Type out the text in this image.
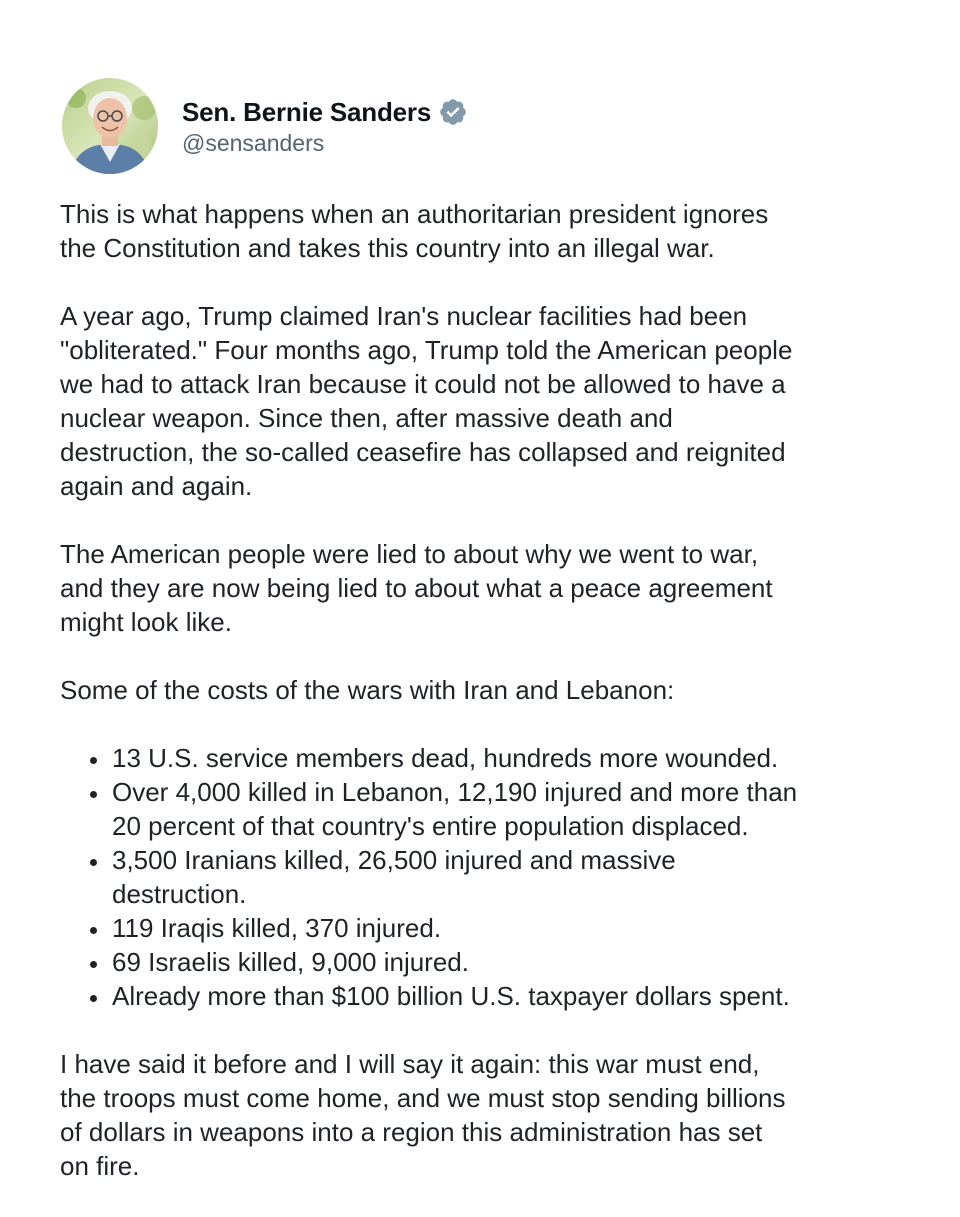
Sen. Bernie Sanders
@sensanders

This is what happens when an authoritarian president ignores
the Constitution and takes this country into an illegal war.

A year ago, Trump claimed Iran's nuclear facilities had been
"obliterated." Four months ago, Trump told the American people
we had to attack Iran because it could not be allowed to have a
nuclear weapon. Since then, after massive death and
destruction, the so-called ceasefire has collapsed and reignited
again and again.

The American people were lied to about why we went to war,
and they are now being lied to about what a peace agreement
might look like.

Some of the costs of the wars with Iran and Lebanon:

• 13 U.S. service members dead, hundreds more wounded.
• Over 4,000 killed in Lebanon, 12,190 injured and more than
20 percent of that country's entire population displaced.
• 3,500 Iranians killed, 26,500 injured and massive
destruction.
• 119 Iraqis killed, 370 injured.
• 69 Israelis killed, 9,000 injured.
• Already more than $100 billion U.S. taxpayer dollars spent.

I have said it before and I will say it again: this war must end,
the troops must come home, and we must stop sending billions
of dollars in weapons into a region this administration has set
on fire.
